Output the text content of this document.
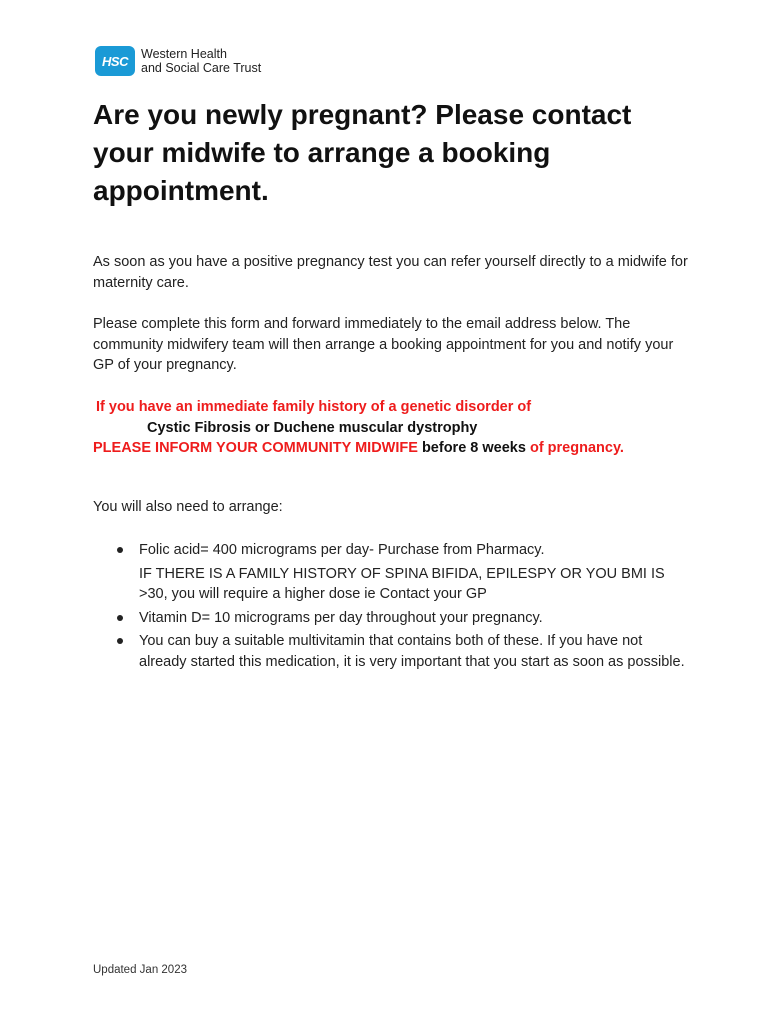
HSC	Western Health
and Social Care Trust
Are you newly pregnant? Please contact your midwife to arrange a booking appointment.

As soon as you have a positive pregnancy test you can refer yourself directly to a midwife for maternity care.

Please complete this form and forward immediately to the email address below. The community midwifery team will then arrange a booking appointment for you and notify your GP of your pregnancy.

If you have an immediate family history of a genetic disorder of

Cystic Fibrosis or Duchene muscular dystrophy

PLEASE INFORM YOUR COMMUNITY MIDWIFE before 8 weeks of pregnancy.

You will also need to arrange:

Folic acid= 400 micrograms per day- Purchase from Pharmacy.
IF THERE IS A FAMILY HISTORY OF SPINA BIFIDA, EPILESPY OR YOU BMI IS >30, you will require a higher dose ie Contact your GP
Vitamin D= 10 micrograms per day throughout your pregnancy.
You can buy a suitable multivitamin that contains both of these. If you have not already started this medication, it is very important that you start as soon as possible.

Updated Jan 2023
